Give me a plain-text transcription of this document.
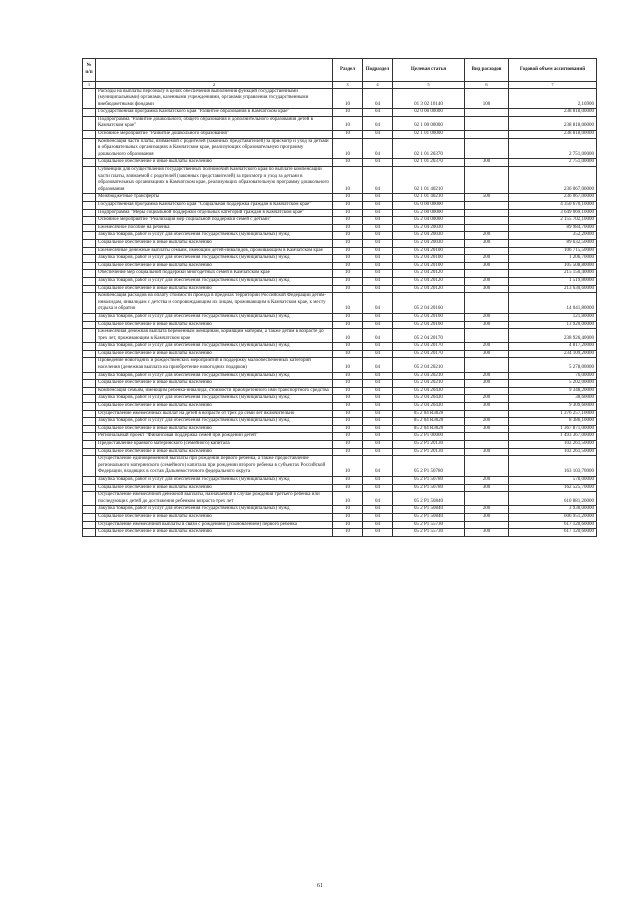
№ п/п		Раздел	Подраздел	Целевая статья	Вид расходов	Годовой объем ассигнований
1	2	3	4	5	6	7
	Расходы на выплаты персоналу в целях обеспечения выполнения функций государственными (муниципальными) органами, казенными учреждениями, органами управления государственными внебюджетными фондами	10	04	01 3 02 10140	100	2,16900
	Государственная программа Камчатского края "Развитие образования в Камчатском крае"	10	04	02 0 00 00000		238 818,00000
	Подпрограмма "Развитие дошкольного, общего образования и дополнительного образования детей в Камчатском крае"	10	04	02 1 00 00000		238 818,00000
	Основное мероприятие "Развитие дошкольного образования"	10	04	02 1 01 00000		238 818,00000
	Компенсация части платы, взимаемой с родителей (законных представителей) за присмотр и уход за детьми в образовательных организациях в Камчатском крае, реализующих образовательную программу дошкольного образования	10	04	02 1 01 20370		2 751,00000
	Социальное обеспечение и иные выплаты населению	10	04	02 1 01 20370	300	2 751,00000
	Субвенции для осуществления государственных полномочий Камчатского края по выплате компенсации части платы, взимаемой с родителей (законных представителей) за присмотр и уход за детьми в образовательных организациях в Камчатском крае, реализующих образовательную программу дошкольного образования	10	04	02 1 01 40210		236 067,00000
	Межбюджетные трансферты	10	04	02 1 01 40210	500	236 067,00000
	Государственная программа Камчатского края "Социальная поддержка граждан в Камчатском крае"	10	04	05 0 00 00000		4 350 670,10000
	Подпрограмма "Меры социальной поддержки отдельных категорий граждан в Камчатском крае"	10	04	05 2 00 00000		3 649 069,10000
	Основное мероприятие "Реализация мер социальной поддержки семей с детьми"	10	04	05 2 04 00000		2 155 702,10000
	Ежемесячное пособие на ребенка	10	04	05 2 04 20030		89 984,70000
	Закупка товаров, работ и услуг для обеспечения государственных (муниципальных) нужд	10	04	05 2 04 20030	200	352,20000
	Социальное обеспечение и иные выплаты населению	10	04	05 2 04 20030	300	89 632,50000
	Ежемесячные денежные выплаты семьям, имеющим детей-инвалидов, проживающим в Камчатском крае	10	04	05 2 04 20100		106 715,50000
	Закупка товаров, работ и услуг для обеспечения государственных (муниципальных) нужд	10	04	05 2 04 20100	200	1 206,70000
	Социальное обеспечение и иные выплаты населению	10	04	05 2 04 20100	300	105 508,80000
	Обеспечение мер социальной поддержки многодетных семей в Камчатском крае	10	04	05 2 04 20120		215 150,40000
	Закупка товаров, работ и услуг для обеспечения государственных (муниципальных) нужд	10	04	05 2 04 20120	200	1 519,80000
	Социальное обеспечение и иные выплаты населению	10	04	05 2 04 20120	300	213 630,60000
	Компенсация расходов на оплату стоимости проезда в пределах территории Российской Федерации детям-инвалидам, инвалидам с детства и сопровождающим их лицам, проживающим в Камчатском крае, к месту отдыха и обратно	10	04	05 2 04 20160		14 041,80000
	Закупка товаров, работ и услуг для обеспечения государственных (муниципальных) нужд	10	04	05 2 04 20160	200	121,80000
	Социальное обеспечение и иные выплаты населению	10	04	05 2 04 20160	300	13 920,00000
	Ежемесячная денежная выплата беременным женщинам, кормящим матерям, а также детям в возрасте до трех лет, проживающим в Камчатском крае	10	04	05 2 04 20170		238 926,40000
	Закупка товаров, работ и услуг для обеспечения государственных (муниципальных) нужд	10	04	05 2 04 20170	200	4 817,20000
	Социальное обеспечение и иные выплаты населению	10	04	05 2 04 20170	300	234 109,20000
	Проведение новогодних и рождественских мероприятий в поддержку малообеспеченных категорий населения (денежная выплата на приобретение новогодних подарков)	10	04	05 2 04 20210		5 278,00000
	Закупка товаров, работ и услуг для обеспечения государственных (муниципальных) нужд	10	04	05 2 04 20210	200	76,00000
	Социальное обеспечение и иные выплаты населению	10	04	05 2 04 20210	300	5 202,00000
	Компенсация семьям, имеющим ребенка-инвалида, стоимости приобретенного ими транспортного средства	10	04	05 2 04 20430		9 348,20000
	Закупка товаров, работ и услуг для обеспечения государственных (муниципальных) нужд	10	04	05 2 04 20430	200	38,60000
	Социальное обеспечение и иные выплаты населению	10	04	05 2 04 20430	300	9 309,60000
	Осуществление ежемесячных выплат на детей в возрасте от трех до семи лет включительно	10	04	05 2 04 R3020		1 376 257,10000
	Закупка товаров, работ и услуг для обеспечения государственных (муниципальных) нужд	10	04	05 2 04 R3020	200	8 386,10000
	Социальное обеспечение и иные выплаты населению	10	04	05 2 04 R3020	300	1 367 871,00000
	Региональный проект "Финансовая поддержка семей при рождении детей"	10	04	05 2 P1 00000		1 493 367,00000
	Предоставление краевого материнского (семейного) капитала	10	04	05 2 P1 20130		102 261,50000
	Социальное обеспечение и иные выплаты населению	10	04	05 2 P1 20130	300	102 261,50000
	Осуществление единовременной выплаты при рождении первого ребенка, а также предоставление регионального материнского (семейного) капитала при рождении второго ребенка в субъектах Российской Федерации, входящих в состав Дальневосточного федерального округа	10	04	05 2 P1 50780		163 103,70000
	Закупка товаров, работ и услуг для обеспечения государственных (муниципальных) нужд	10	04	05 2 P1 50780	200	578,00000
	Социальное обеспечение и иные выплаты населению	10	04	05 2 P1 50780	300	162 525,70000
	Осуществление ежемесячной денежной выплаты, назначаемой в случае рождения третьего ребенка или последующих детей до достижения ребенком возраста трех лет	10	04	05 2 P1 50840		610 881,20000
	Закупка товаров, работ и услуг для обеспечения государственных (муниципальных) нужд	10	04	05 2 P1 50840	200	3 930,00000
	Социальное обеспечение и иные выплаты населению	10	04	05 2 P1 50840	300	606 951,20000
	Осуществление ежемесячной выплаты в связи с рождением (усыновлением) первого ребенка	10	04	05 2 P1 55730		617 120,60000
	Социальное обеспечение и иные выплаты населению	10	04	05 2 P1 55730	300	617 120,60000
61
